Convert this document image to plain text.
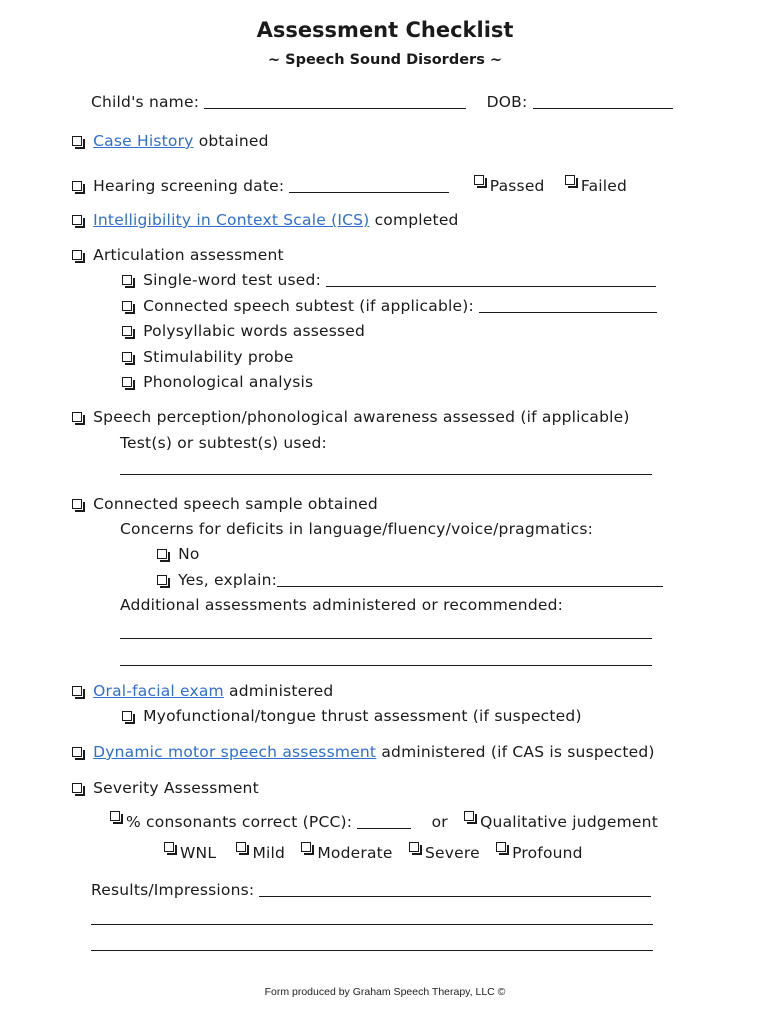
Assessment Checklist
~ Speech Sound Disorders ~
Child's name:	DOB:
Case History obtained
Hearing screening date:	Passed Failed
Intelligibility in Context Scale (ICS) completed
Articulation assessment
Single-word test used:
Connected speech subtest (if applicable):
Polysyllabic words assessed
Stimulability probe
Phonological analysis
Speech perception/phonological awareness assessed (if applicable)
Test(s) or subtest(s) used:
Connected speech sample obtained
Concerns for deficits in language/fluency/voice/pragmatics:
No
Yes, explain:
Additional assessments administered or recommended:
Oral-facial exam administered
Myofunctional/tongue thrust assessment (if suspected)
Dynamic motor speech assessment administered (if CAS is suspected)
Severity Assessment
% consonants correct (PCC):	or Qualitative judgement
WNL Mild Moderate Severe Profound
Results/Impressions:
Form produced by Graham Speech Therapy, LLC ©
